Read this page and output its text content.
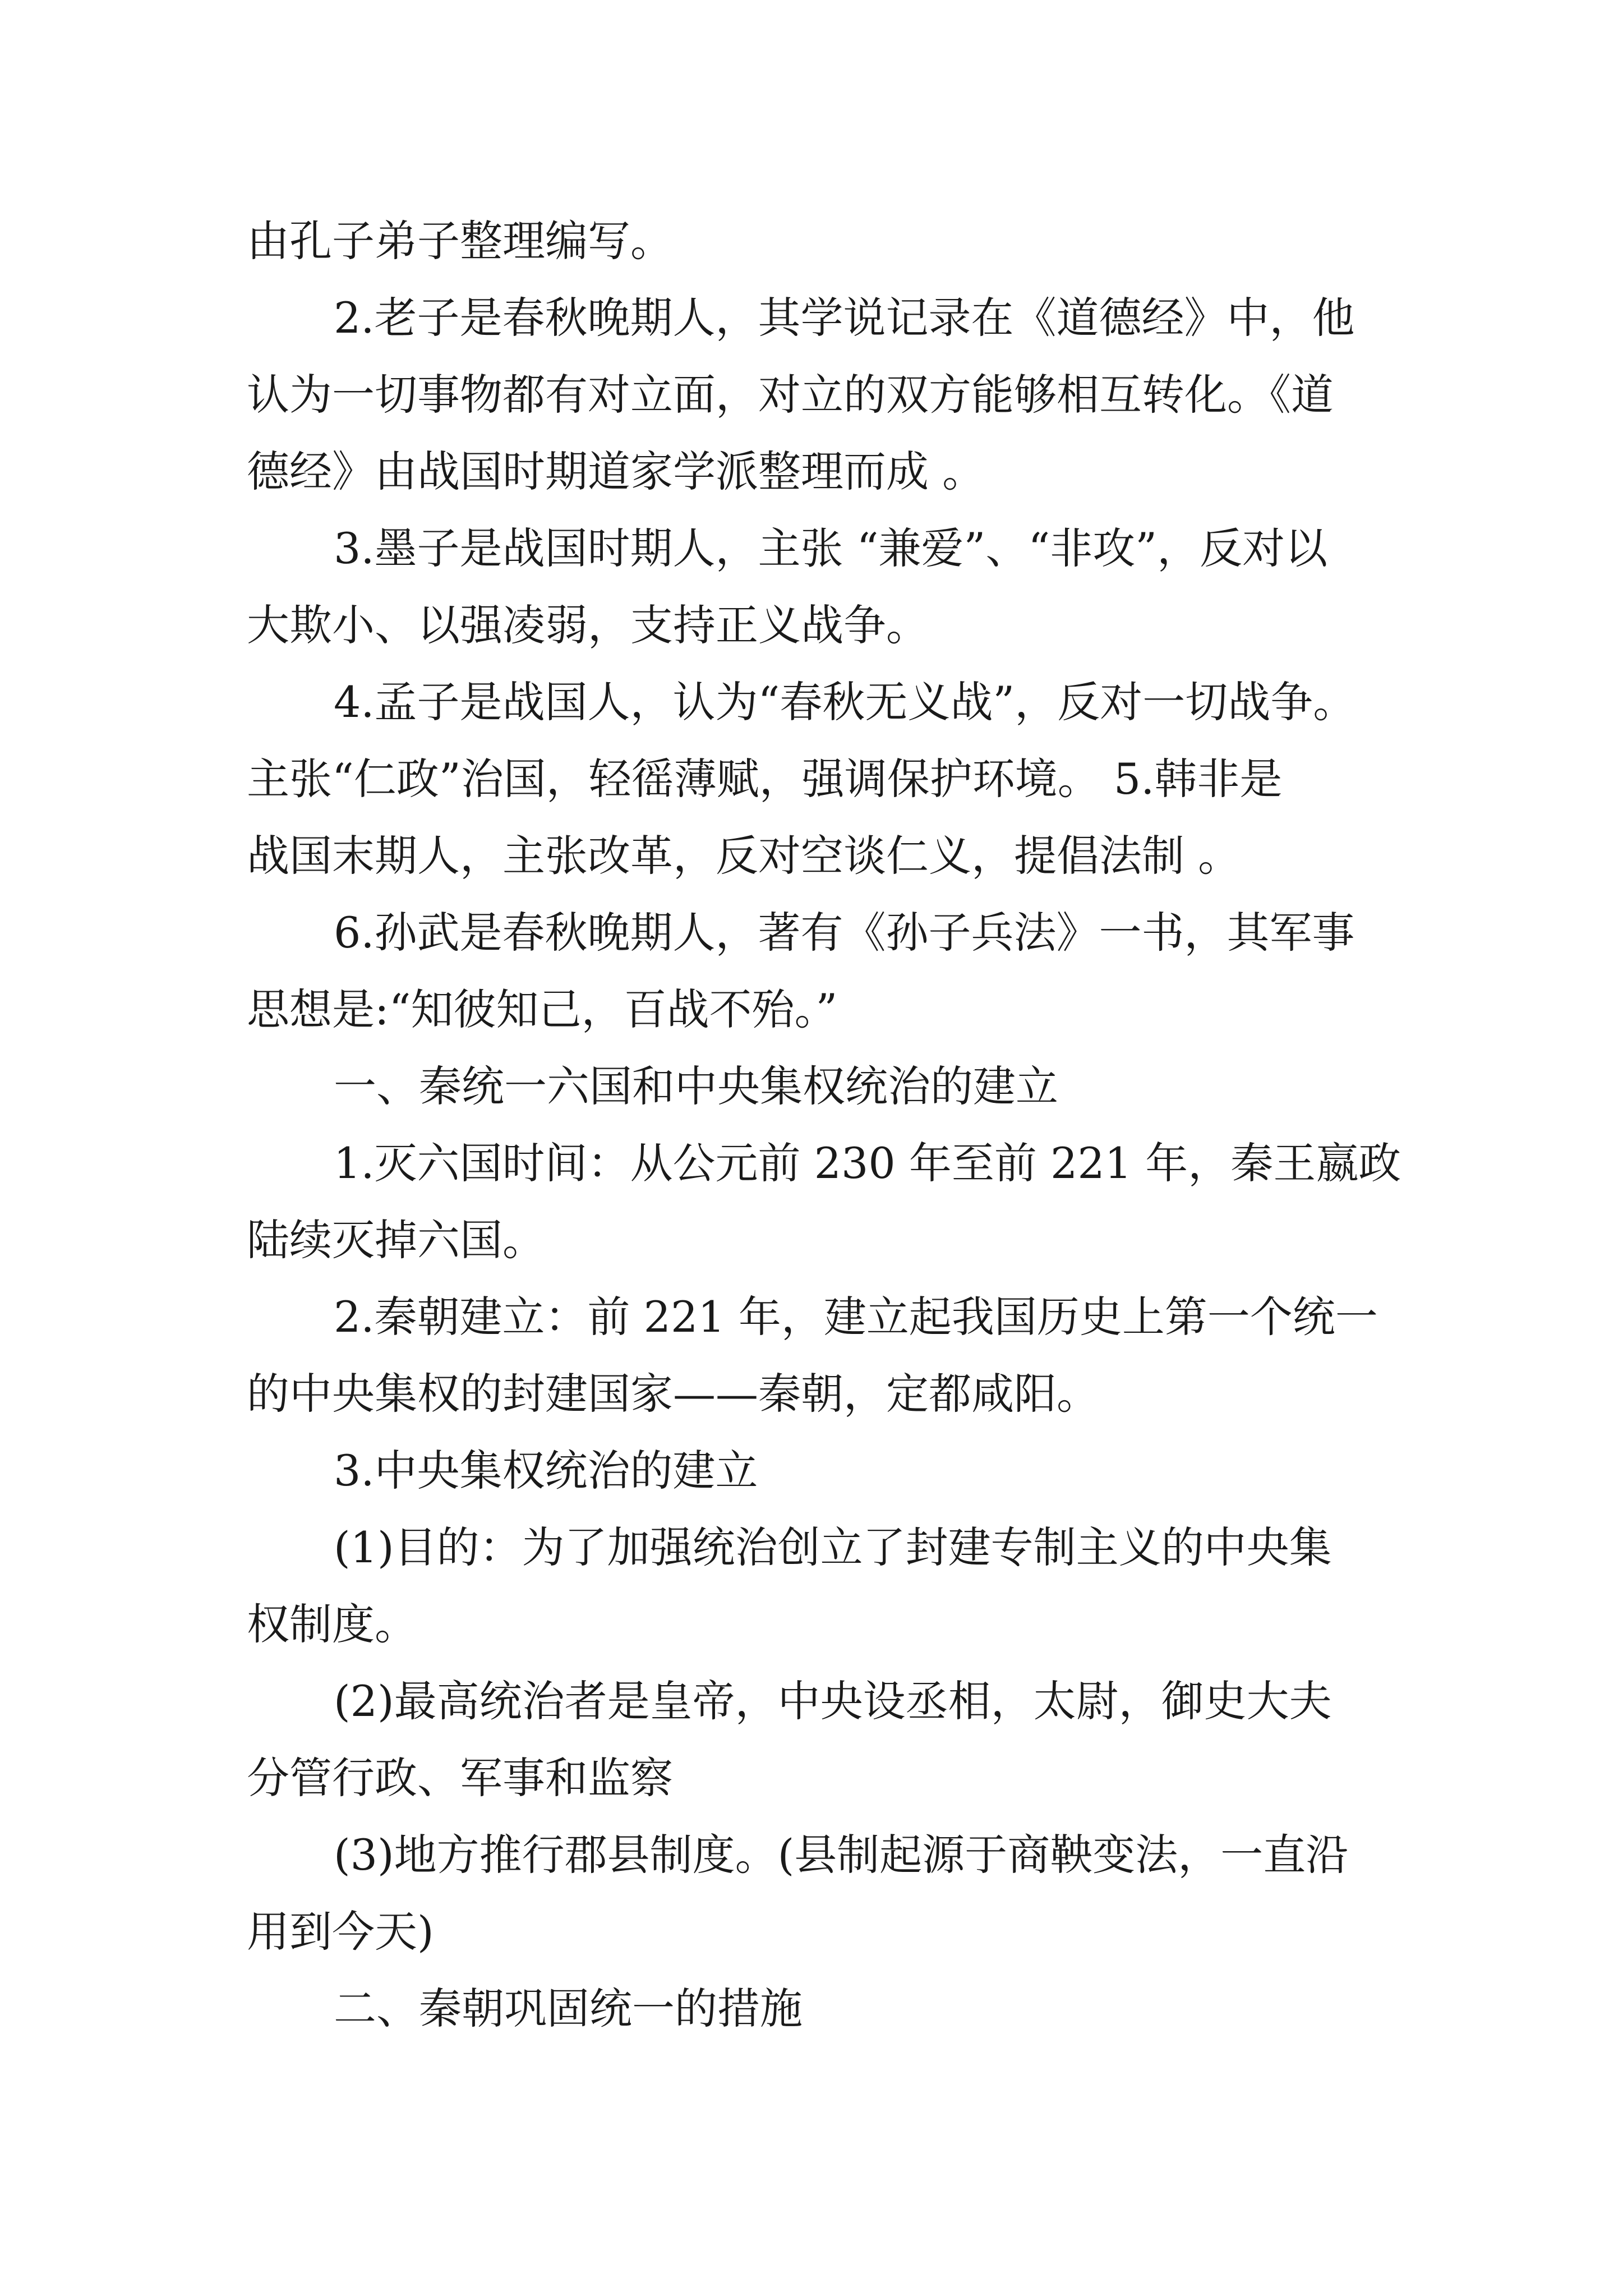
由孔子弟子整理编写。
2.老子是春秋晚期人，其学说记录在《道德经》中，他
认为一切事物都有对立面，对立的双方能够相互转化。《道
德经》由战国时期道家学派整理而成 。
3.墨子是战国时期人，主张 “兼爱”、“非攻”，反对以
大欺小、以强凌弱，支持正义战争。
4.孟子是战国人，认为“春秋无义战”，反对一切战争。
主张“仁政”治国，轻徭薄赋，强调保护环境。 5.韩非是
战国末期人，主张改革，反对空谈仁义，提倡法制 。
6.孙武是春秋晚期人，著有《孙子兵法》一书，其军事
思想是:“知彼知己，百战不殆。”
一、秦统一六国和中央集权统治的建立
1.灭六国时间：从公元前 230 年至前 221 年，秦王嬴政
陆续灭掉六国。
2.秦朝建立：前 221 年，建立起我国历史上第一个统一
的中央集权的封建国家——秦朝，定都咸阳。
3.中央集权统治的建立
(1)目的：为了加强统治创立了封建专制主义的中央集
权制度。
(2)最高统治者是皇帝，中央设丞相，太尉，御史大夫
分管行政、军事和监察
(3)地方推行郡县制度。(县制起源于商鞅变法，一直沿
用到今天)
二、秦朝巩固统一的措施
